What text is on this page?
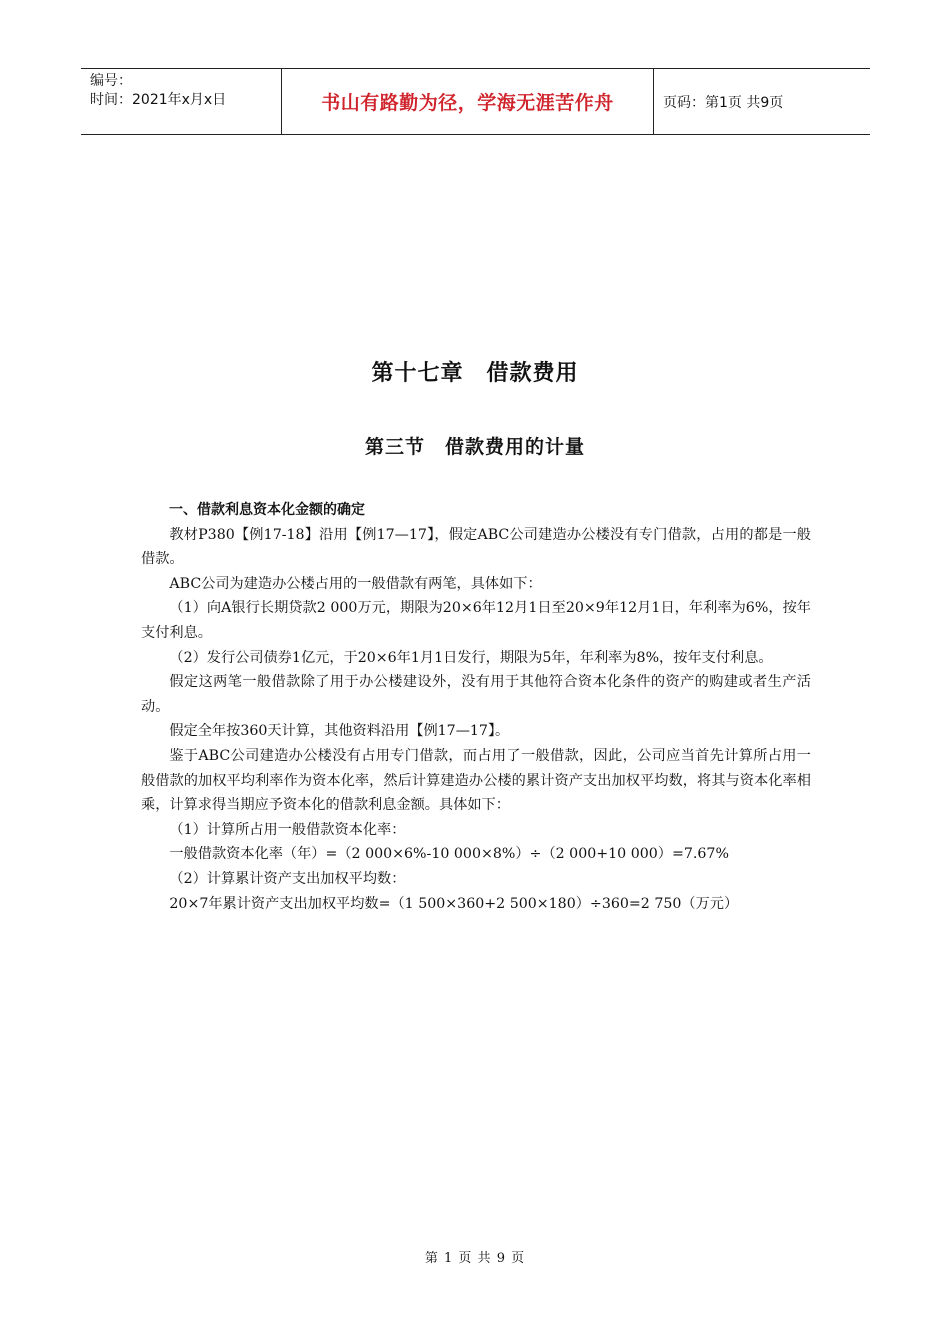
编号：
时间：2021年x月x日	书山有路勤为径，学海无涯苦作舟	页码：第1页 共9页
第十七章　借款费用
第三节　借款费用的计量

一、借款利息资本化金额的确定

教材P380【例17-18】沿用【例17—17】，假定ABC公司建造办公楼没有专门借款，占用的都是一般借款。

ABC公司为建造办公楼占用的一般借款有两笔，具体如下：

（1）向A银行长期贷款2 000万元，期限为20×6年12月1日至20×9年12月1日，年利率为6%，按年支付利息。

（2）发行公司债券1亿元，于20×6年1月1日发行，期限为5年，年利率为8%，按年支付利息。

假定这两笔一般借款除了用于办公楼建设外，没有用于其他符合资本化条件的资产的购建或者生产活动。

假定全年按360天计算，其他资料沿用【例17—17】。

鉴于ABC公司建造办公楼没有占用专门借款，而占用了一般借款，因此，公司应当首先计算所占用一般借款的加权平均利率作为资本化率，然后计算建造办公楼的累计资产支出加权平均数，将其与资本化率相乘，计算求得当期应予资本化的借款利息金额。具体如下：

（1）计算所占用一般借款资本化率：

一般借款资本化率（年）=（2 000×6%-10 000×8%）÷（2 000+10 000）=7.67%

（2）计算累计资产支出加权平均数：

20×7年累计资产支出加权平均数=（1 500×360+2 500×180）÷360=2 750（万元）

第 1 页 共 9 页
